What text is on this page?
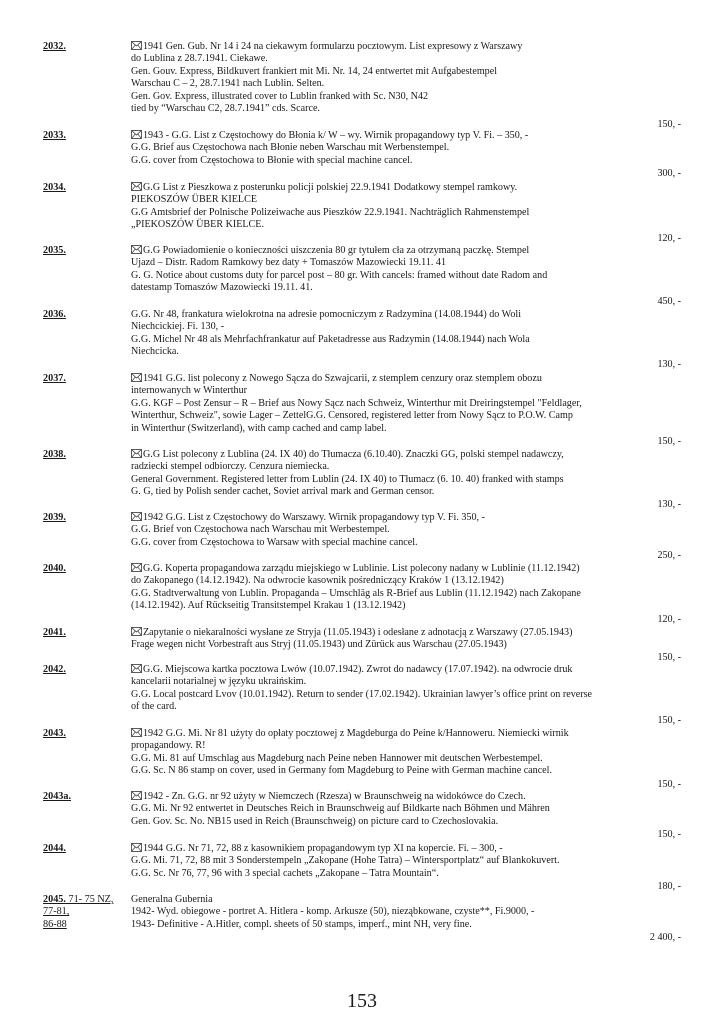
2032.	1941 Gen. Gub. Nr 14 i 24 na ciekawym formularzu pocztowym. List expresowy z Warszawy
do Lublina z 28.7.1941. Ciekawe.
Gen. Gouv. Express, Bildkuvert frankiert mit Mi. Nr. 14, 24 entwertet mit Aufgabestempel
Warschau C – 2, 28.7.1941 nach Lublin. Selten.
Gen. Gov. Express, illustrated cover to Lublin franked with Sc. N30, N42
tied by “Warschau C2, 28.7.1941” cds. Scarce.
150, -
2033.	1943 - G.G. List z Częstochowy do Błonia k/ W – wy. Wirnik propagandowy typ V. Fi. – 350, -
G.G. Brief aus Częstochowa nach Błonie neben Warschau mit Werbenstempel.
G.G. cover from Częstochowa to Błonie with special machine cancel.
300, -
2034.	G.G List z Pieszkowa z posterunku policji polskiej 22.9.1941 Dodatkowy stempel ramkowy.
PIEKOSZÓW ÜBER KIELCE
G.G Amtsbrief der Polnische Polizeiwache aus Pieszków 22.9.1941. Nachträglich Rahmenstempel
„PIEKOSZÓW ÜBER KIELCE.
120, -
2035.	G.G Powiadomienie o konieczności uiszczenia 80 gr tytułem cła za otrzymaną paczkę. Stempel
Ujazd – Distr. Radom Ramkowy bez daty + Tomaszów Mazowiecki 19.11. 41
G. G. Notice about customs duty for parcel post – 80 gr. With cancels: framed without date Radom and
datestamp Tomaszów Mazowiecki 19.11. 41.
450, -
2036.	G.G. Nr 48, frankatura wielokrotna na adresie pomocniczym z Radzymina (14.08.1944) do Woli
Niechcickiej. Fi. 130, -
G.G. Michel Nr 48 als Mehrfachfrankatur auf Paketadresse aus Radzymin (14.08.1944) nach Wola
Niechcicka.
130, -
2037.	1941 G.G. list polecony z Nowego Sącza do Szwajcarii, z stemplem cenzury oraz stemplem obozu
internowanych w Winterthur
G.G. KGF – Post Zensur – R – Brief aus Nowy Sącz nach Schweiz, Winterthur mit Dreiringstempel "Feldlager,
Winterthur, Schweiz", sowie Lager – ZettelG.G. Censored, registered letter from Nowy Sącz to P.O.W. Camp
in Winterthur (Switzerland), with camp cached and camp label.
150, -
2038.	G.G List polecony z Lublina (24. IX 40) do Tłumacza (6.10.40). Znaczki GG, polski stempel nadawczy,
radziecki stempel odbiorczy. Cenzura niemiecka.
General Government. Registered letter from Lublin (24. IX 40) to Tłumacz (6. 10. 40) franked with stamps
G. G, tied by Polish sender cachet, Soviet arrival mark and German censor.
130, -
2039.	1942 G.G. List z Częstochowy do Warszawy. Wirnik propagandowy typ V. Fi. 350, -
G.G. Brief von Częstochowa nach Warschau mit Werbestempel.
G.G. cover from Częstochowa to Warsaw with special machine cancel.
250, -
2040.	G.G. Koperta propagandowa zarządu miejskiego w Lublinie. List polecony nadany w Lublinie (11.12.1942)
do Zakopanego (14.12.1942). Na odwrocie kasownik pośredniczący Kraków 1 (13.12.1942)
G.G. Stadtverwaltung von Lublin. Propaganda – Umschläg als R-Brief aus Lublin (11.12.1942) nach Zakopane
(14.12.1942). Auf Rückseitig Transitstempel Krakau 1 (13.12.1942)
120, -
2041.	Zapytanie o niekaralności wysłane ze Stryja (11.05.1943) i odesłane z adnotacją z Warszawy (27.05.1943)
Frage wegen nicht Vorbestraft aus Stryj (11.05.1943) und Zürück aus Warschau (27.05.1943)
150, -
2042.	G.G. Miejscowa kartka pocztowa Lwów (10.07.1942). Zwrot do nadawcy (17.07.1942). na odwrocie druk
kancelarii notarialnej w języku ukraińskim.
G.G. Local postcard Lvov (10.01.1942). Return to sender (17.02.1942). Ukrainian lawyer’s office print on reverse
of the card.
150, -
2043.	1942 G.G. Mi. Nr 81 użyty do opłaty pocztowej z Magdeburga do Peine k/Hannoweru. Niemiecki wirnik
propagandowy. R!
G.G. Mi. 81 auf Umschlag aus Magdeburg nach Peine neben Hannower mit deutschen Werbestempel.
G.G. Sc. N 86 stamp on cover, used in Germany fom Magdeburg to Peine with German machine cancel.
150, -
2043a.	1942 - Zn. G.G. nr 92 użyty w Niemczech (Rzesza) w Braunschweig na widokówce do Czech.
G.G. Mi. Nr 92 entwertet in Deutsches Reich in Braunschweig auf Bildkarte nach Böhmen und Mähren
Gen. Gov. Sc. No. NB15 used in Reich (Braunschweig) on picture card to Czechoslovakia.
150, -
2044.	1944 G.G. Nr 71, 72, 88 z kasownikiem propagandowym typ XI na kopercie. Fi. – 300, -
G.G. Mi. 71, 72, 88 mit 3 Sonderstempeln „Zakopane (Hohe Tatra) – Wintersportplatz“ auf Blankokuvert.
G.G. Sc. Nr 76, 77, 96 with 3 special cachets „Zakopane – Tatra Mountain“.
180, -
2045. 71- 75 NZ,
77-81,
86-88
Generalna Gubernia
1942- Wyd. obiegowe - portret A. Hitlera - komp. Arkusze (50), nieząbkowane, czyste**, Fi.9000, -
1943- Definitive - A.Hitler, compl. sheets of 50 stamps, imperf., mint NH, very fine.
2 400, -
153
